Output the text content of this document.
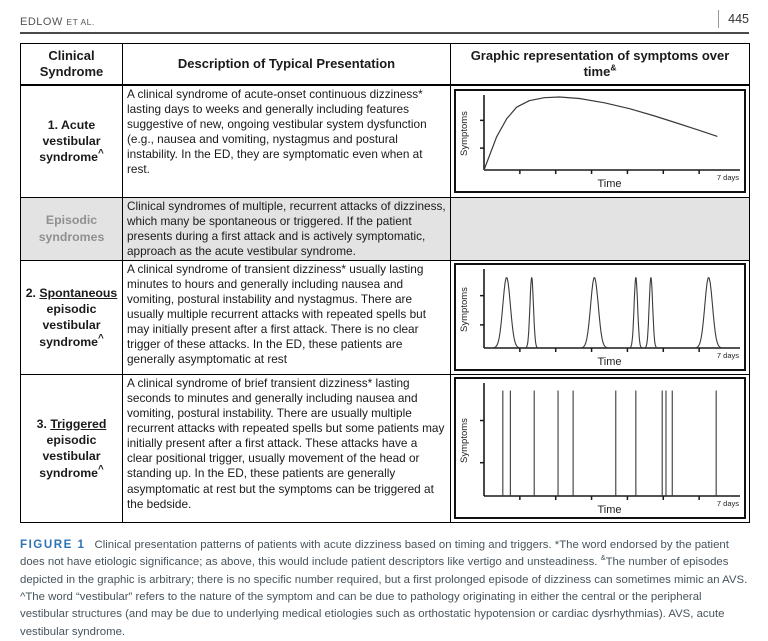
EDLOW ET AL.	445
Clinical Syndrome	Description of Typical Presentation	Graphic representation of symptoms over time&
1. Acute vestibular syndrome^	A clinical syndrome of acute-onset continuous dizziness* lasting days to weeks and generally including features suggestive of new, ongoing vestibular system dysfunction (e.g., nausea and vomiting, nystagmus and postural instability. In the ED, they are symptomatic even when at rest.	
Time
7 days
Symptoms

Episodic syndromes	Clinical syndromes of multiple, recurrent attacks of dizziness, which many be spontaneous or triggered. If the patient presents during a first attack and is actively symptomatic, approach as the acute vestibular syndrome.	
2. Spontaneous episodic vestibular syndrome^	A clinical syndrome of transient dizziness* usually lasting minutes to hours and generally including nausea and vomiting, postural instability and nystagmus. There are usually multiple recurrent attacks with repeated spells but may initially present after a first attack. There is no clear trigger of these attacks. In the ED, these patients are generally asymptomatic at rest	Time
7 days
Symptoms

3. Triggered episodic vestibular syndrome^	A clinical syndrome of brief transient dizziness* lasting seconds to minutes and generally including nausea and vomiting, postural instability. There are usually multiple recurrent attacks with repeated spells but some patients may initially present after a first attack. These attacks have a clear positional trigger, usually movement of the head or standing up. In the ED, these patients are generally asymptomatic at rest but the symptoms can be triggered at the bedside.	Time
7 days
Symptoms
FIGURE 1 Clinical presentation patterns of patients with acute dizziness based on timing and triggers. *The word endorsed by the patient does not have etiologic significance; as above, this would include patient descriptors like vertigo and unsteadiness. &The number of episodes depicted in the graphic is arbitrary; there is no specific number required, but a first prolonged episode of dizziness can sometimes mimic an AVS. ^The word “vestibular” refers to the nature of the symptom and can be due to pathology originating in either the central or the peripheral vestibular structures (and may be due to underlying medical etiologies such as orthostatic hypotension or cardiac dysrhythmias). AVS, acute vestibular syndrome.
